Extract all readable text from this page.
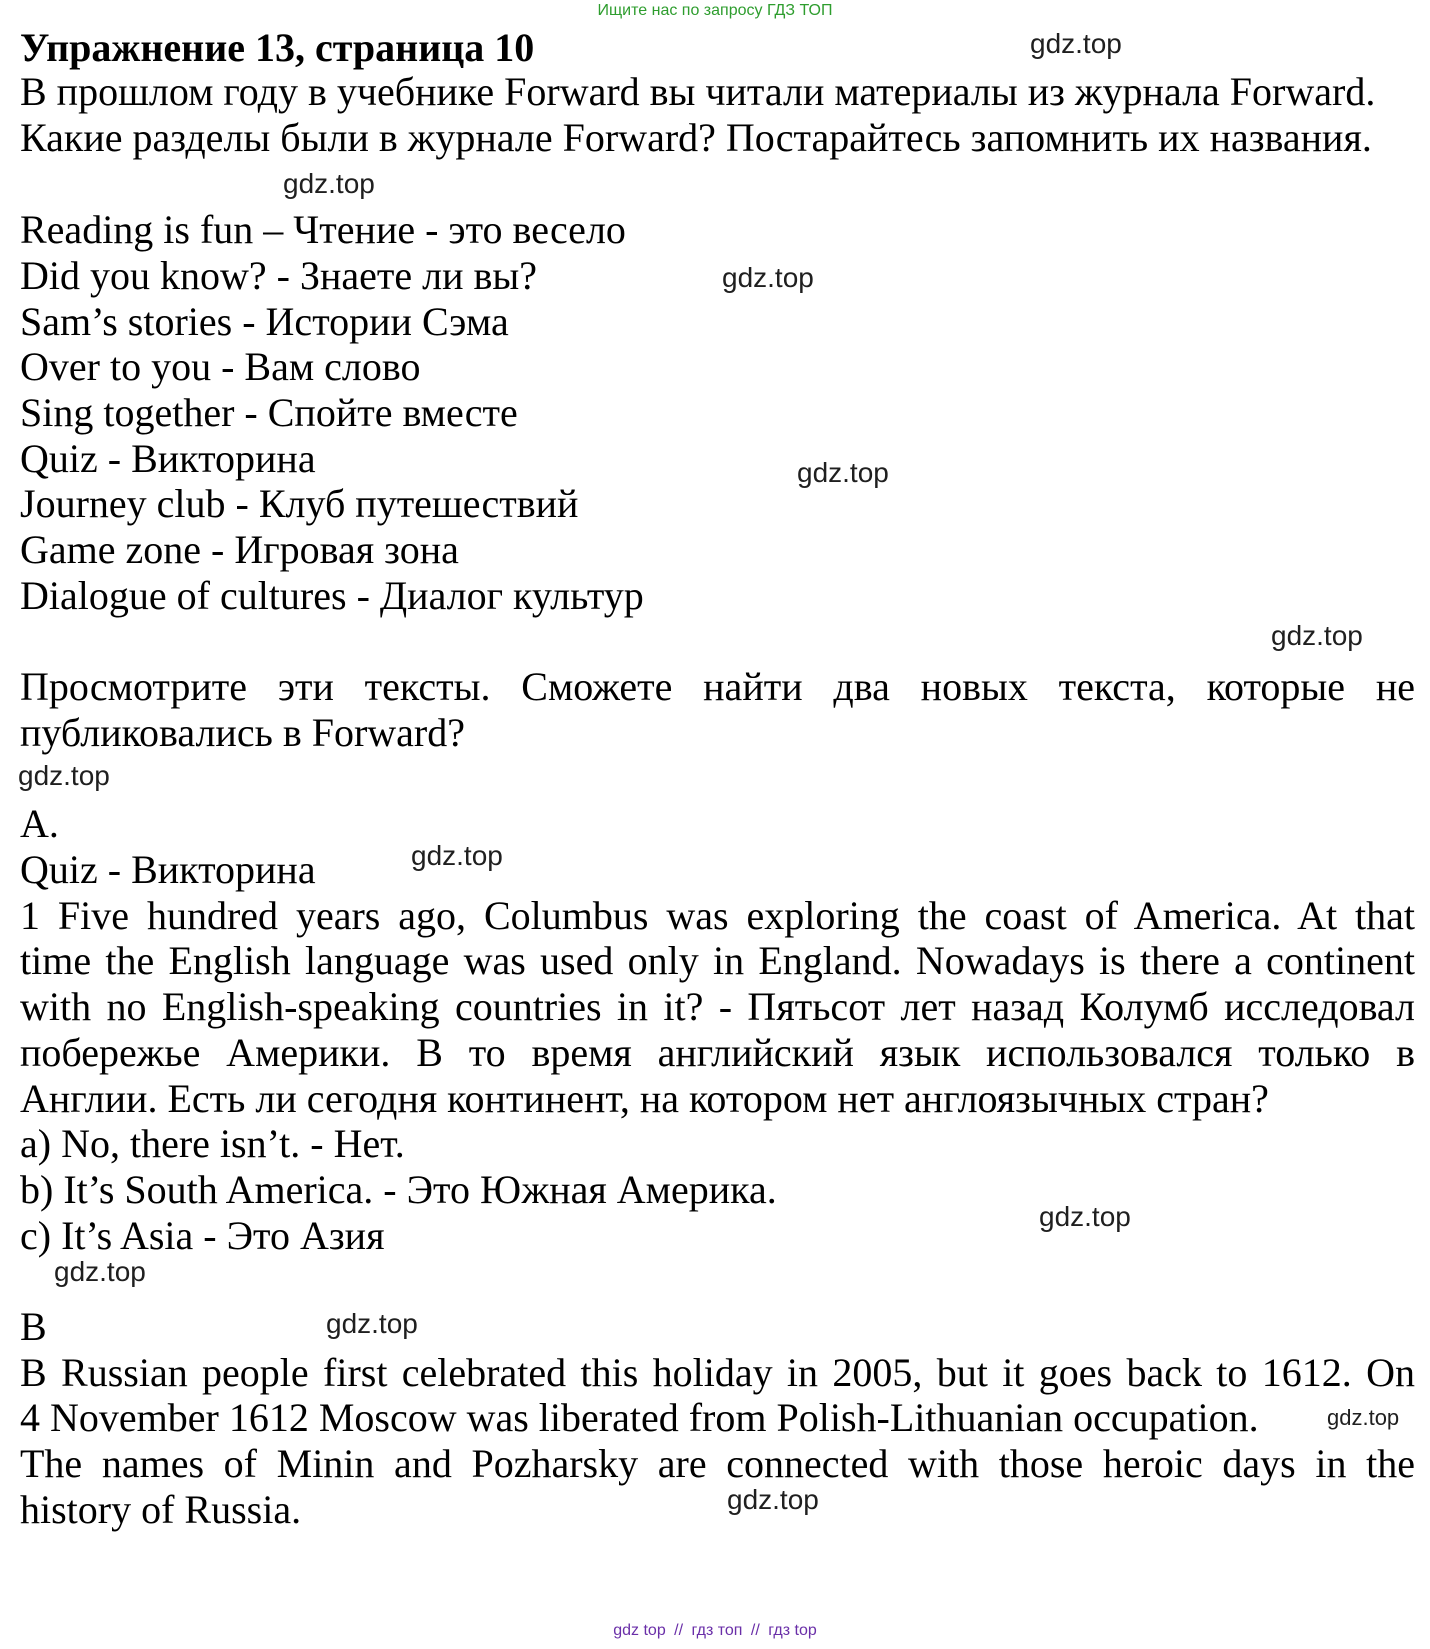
Ищите нас по запросу ГДЗ ТОП
Упражнение 13, страница 10
В прошлом году в учебнике Forward вы читали материалы из журнала Forward.
Какие разделы были в журнале Forward? Постарайтесь запомнить их названия.
Reading is fun – Чтение - это весело
Did you know? - Знаете ли вы?
Sam’s stories - Истории Сэма
Over to you - Вам слово
Sing together - Спойте вместе
Quiz - Викторина
Journey club - Клуб путешествий
Game zone - Игровая зона
Dialogue of cultures - Диалог культур
Просмотрите эти тексты. Сможете найти два новых текста, которые не
публиковались в Forward?
A.
Quiz - Викторина
1 Five hundred years ago, Columbus was exploring the coast of America. At that
time the English language was used only in England. Nowadays is there a continent
with no English-speaking countries in it? - Пятьсот лет назад Колумб исследовал
побережье Америки. В то время английский язык использовался только в
Англии. Есть ли сегодня континент, на котором нет англоязычных стран?
a) No, there isn’t. - Нет.
b) It’s South America. - Это Южная Америка.
c) It’s Asia - Это Азия
B
B Russian people first celebrated this holiday in 2005, but it goes back to 1612. On
4 November 1612 Moscow was liberated from Polish-Lithuanian occupation.
The names of Minin and Pozharsky are connected with those heroic days in the
history of Russia.
gdz.top
gdz.top
gdz.top
gdz.top
gdz.top
gdz.top
gdz.top
gdz.top
gdz.top
gdz.top
gdz.top
gdz.top
gdz top // гдз топ // гдз top
